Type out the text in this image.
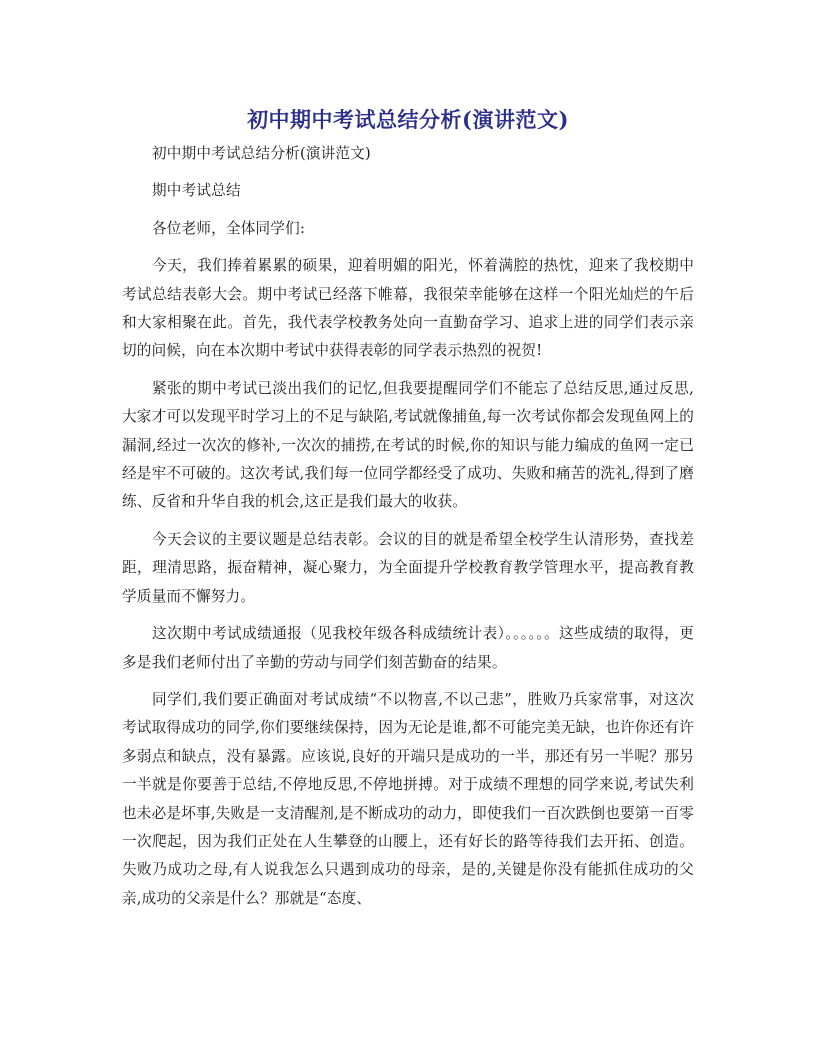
初中期中考试总结分析(演讲范文)

初中期中考试总结分析(演讲范文)

期中考试总结

各位老师，全体同学们:

今天，我们捧着累累的硕果，迎着明媚的阳光，怀着满腔的热忱，迎来了我校期中考试总结表彰大会。期中考试已经落下帷幕，我很荣幸能够在这样一个阳光灿烂的午后和大家相聚在此。首先，我代表学校教务处向一直勤奋学习、追求上进的同学们表示亲切的问候，向在本次期中考试中获得表彰的同学表示热烈的祝贺!

紧张的期中考试已淡出我们的记忆,但我要提醒同学们不能忘了总结反思,通过反思,大家才可以发现平时学习上的不足与缺陷,考试就像捕鱼,每一次考试你都会发现鱼网上的漏洞,经过一次次的修补,一次次的捕捞,在考试的时候,你的知识与能力编成的鱼网一定已经是牢不可破的。这次考试,我们每一位同学都经受了成功、失败和痛苦的洗礼,得到了磨练、反省和升华自我的机会,这正是我们最大的收获。

今天会议的主要议题是总结表彰。会议的目的就是希望全校学生认清形势，查找差距，理清思路，振奋精神，凝心聚力，为全面提升学校教育教学管理水平，提高教育教学质量而不懈努力。

这次期中考试成绩通报（见我校年级各科成绩统计表）。。。。。。这些成绩的取得，更多是我们老师付出了辛勤的劳动与同学们刻苦勤奋的结果。

同学们,我们要正确面对考试成绩“不以物喜,不以己悲”，胜败乃兵家常事，对这次考试取得成功的同学,你们要继续保持，因为无论是谁,都不可能完美无缺，也许你还有许多弱点和缺点，没有暴露。应该说,良好的开端只是成功的一半，那还有另一半呢？那另一半就是你要善于总结,不停地反思,不停地拼搏。对于成绩不理想的同学来说,考试失利也未必是坏事,失败是一支清醒剂,是不断成功的动力，即使我们一百次跌倒也要第一百零一次爬起，因为我们正处在人生攀登的山腰上，还有好长的路等待我们去开拓、创造。失败乃成功之母,有人说我怎么只遇到成功的母亲，是的,关键是你没有能抓住成功的父亲,成功的父亲是什么？那就是“态度、
